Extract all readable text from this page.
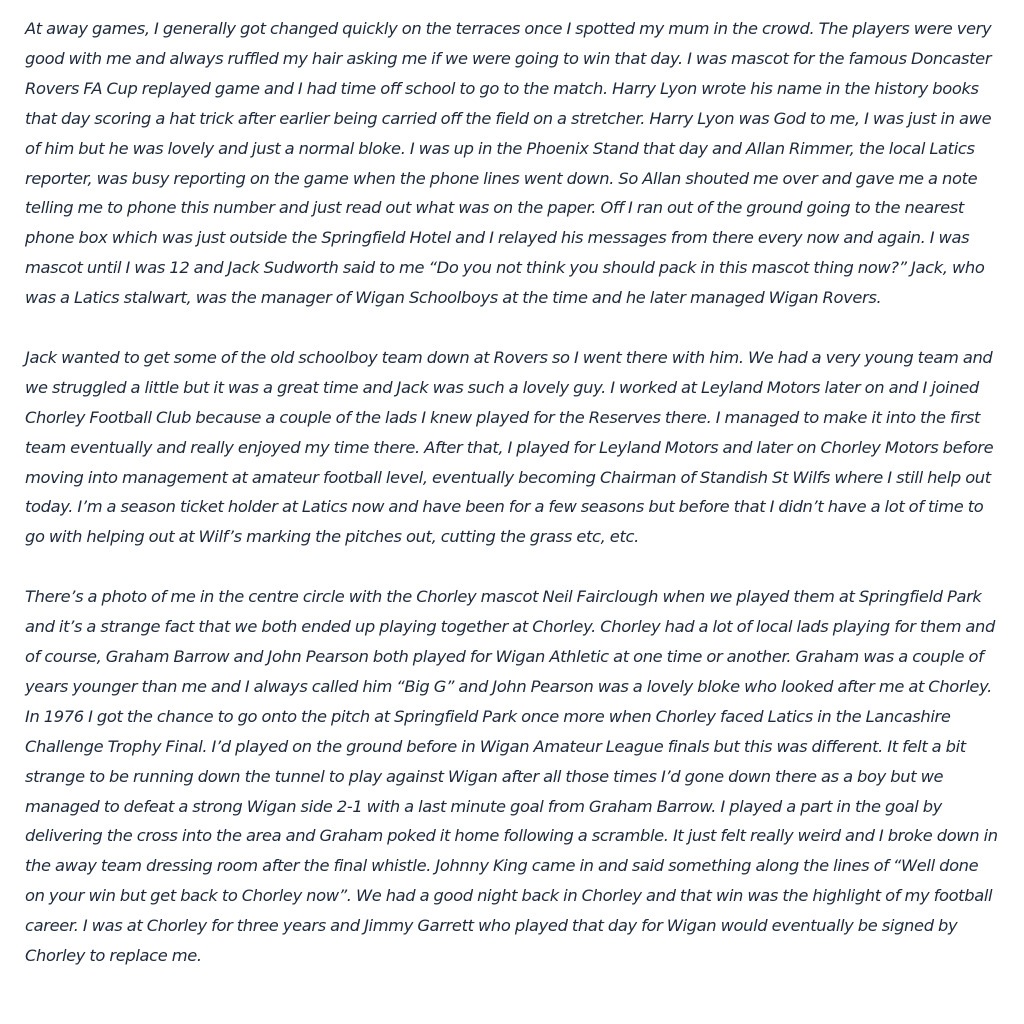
At away games, I generally got changed quickly on the terraces once I spotted my mum in the crowd. The players were very good with me and always ruffled my hair asking me if we were going to win that day. I was mascot for the famous Doncaster Rovers FA Cup replayed game and I had time off school to go to the match. Harry Lyon wrote his name in the history books that day scoring a hat trick after earlier being carried off the field on a stretcher. Harry Lyon was God to me, I was just in awe of him but he was lovely and just a normal bloke. I was up in the Phoenix Stand that day and Allan Rimmer, the local Latics reporter, was busy reporting on the game when the phone lines went down. So Allan shouted me over and gave me a note telling me to phone this number and just read out what was on the paper. Off I ran out of the ground going to the nearest phone box which was just outside the Springfield Hotel and I relayed his messages from there every now and again. I was mascot until I was 12 and Jack Sudworth said to me “Do you not think you should pack in this mascot thing now?” Jack, who was a Latics stalwart, was the manager of Wigan Schoolboys at the time and he later managed Wigan Rovers.

Jack wanted to get some of the old schoolboy team down at Rovers so I went there with him. We had a very young team and we struggled a little but it was a great time and Jack was such a lovely guy. I worked at Leyland Motors later on and I joined Chorley Football Club because a couple of the lads I knew played for the Reserves there. I managed to make it into the first team eventually and really enjoyed my time there. After that, I played for Leyland Motors and later on Chorley Motors before moving into management at amateur football level, eventually becoming Chairman of Standish St Wilfs where I still help out today. I’m a season ticket holder at Latics now and have been for a few seasons but before that I didn’t have a lot of time to go with helping out at Wilf’s marking the pitches out, cutting the grass etc, etc.

There’s a photo of me in the centre circle with the Chorley mascot Neil Fairclough when we played them at Springfield Park and it’s a strange fact that we both ended up playing together at Chorley. Chorley had a lot of local lads playing for them and of course, Graham Barrow and John Pearson both played for Wigan Athletic at one time or another. Graham was a couple of years younger than me and I always called him “Big G” and John Pearson was a lovely bloke who looked after me at Chorley. In 1976 I got the chance to go onto the pitch at Springfield Park once more when Chorley faced Latics in the Lancashire Challenge Trophy Final. I’d played on the ground before in Wigan Amateur League finals but this was different. It felt a bit strange to be running down the tunnel to play against Wigan after all those times I’d gone down there as a boy but we managed to defeat a strong Wigan side 2-1 with a last minute goal from Graham Barrow. I played a part in the goal by delivering the cross into the area and Graham poked it home following a scramble. It just felt really weird and I broke down in the away team dressing room after the final whistle. Johnny King came in and said something along the lines of “Well done on your win but get back to Chorley now”. We had a good night back in Chorley and that win was the highlight of my football career. I was at Chorley for three years and Jimmy Garrett who played that day for Wigan would eventually be signed by Chorley to replace me.
